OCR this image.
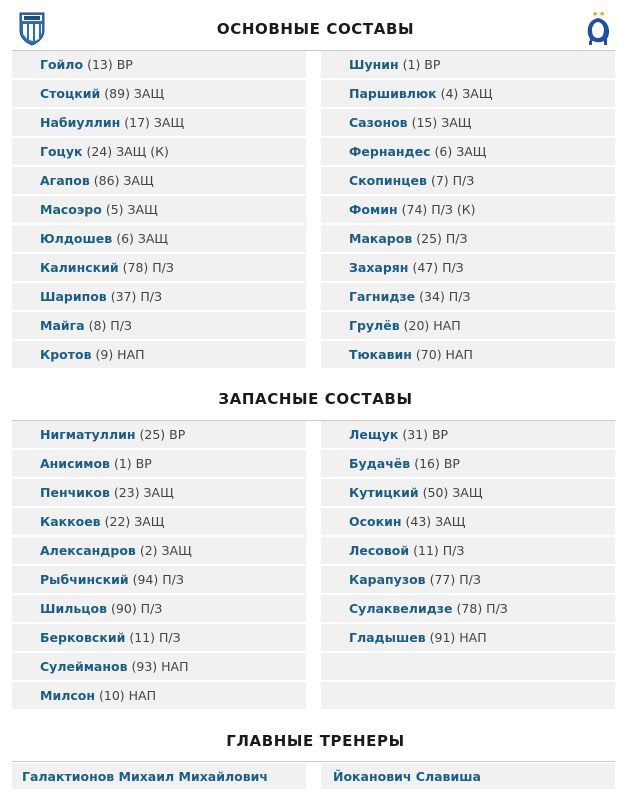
★ ★
ОСНОВНЫЕ СОСТАВЫ
Гойло (13) ВР
Стоцкий (89) ЗАЩ
Набиуллин (17) ЗАЩ
Гоцук (24) ЗАЩ (К)
Агапов (86) ЗАЩ
Масоэро (5) ЗАЩ
Юлдошев (6) ЗАЩ
Калинский (78) П/З
Шарипов (37) П/З
Майга (8) П/З
Кротов (9) НАП
Шунин (1) ВР
Паршивлюк (4) ЗАЩ
Сазонов (15) ЗАЩ
Фернандес (6) ЗАЩ
Скопинцев (7) П/З
Фомин (74) П/З (К)
Макаров (25) П/З
Захарян (47) П/З
Гагнидзе (34) П/З
Грулёв (20) НАП
Тюкавин (70) НАП
ЗАПАСНЫЕ СОСТАВЫ
Нигматуллин (25) ВР
Анисимов (1) ВР
Пенчиков (23) ЗАЩ
Каккоев (22) ЗАЩ
Александров (2) ЗАЩ
Рыбчинский (94) П/З
Шильцов (90) П/З
Берковский (11) П/З
Сулейманов (93) НАП
Милсон (10) НАП
Лещук (31) ВР
Будачёв (16) ВР
Кутицкий (50) ЗАЩ
Осокин (43) ЗАЩ
Лесовой (11) П/З
Карапузов (77) П/З
Сулаквелидзе (78) П/З
Гладышев (91) НАП
ГЛАВНЫЕ ТРЕНЕРЫ
Галактионов Михаил Михайлович	Йоканович Славиша
